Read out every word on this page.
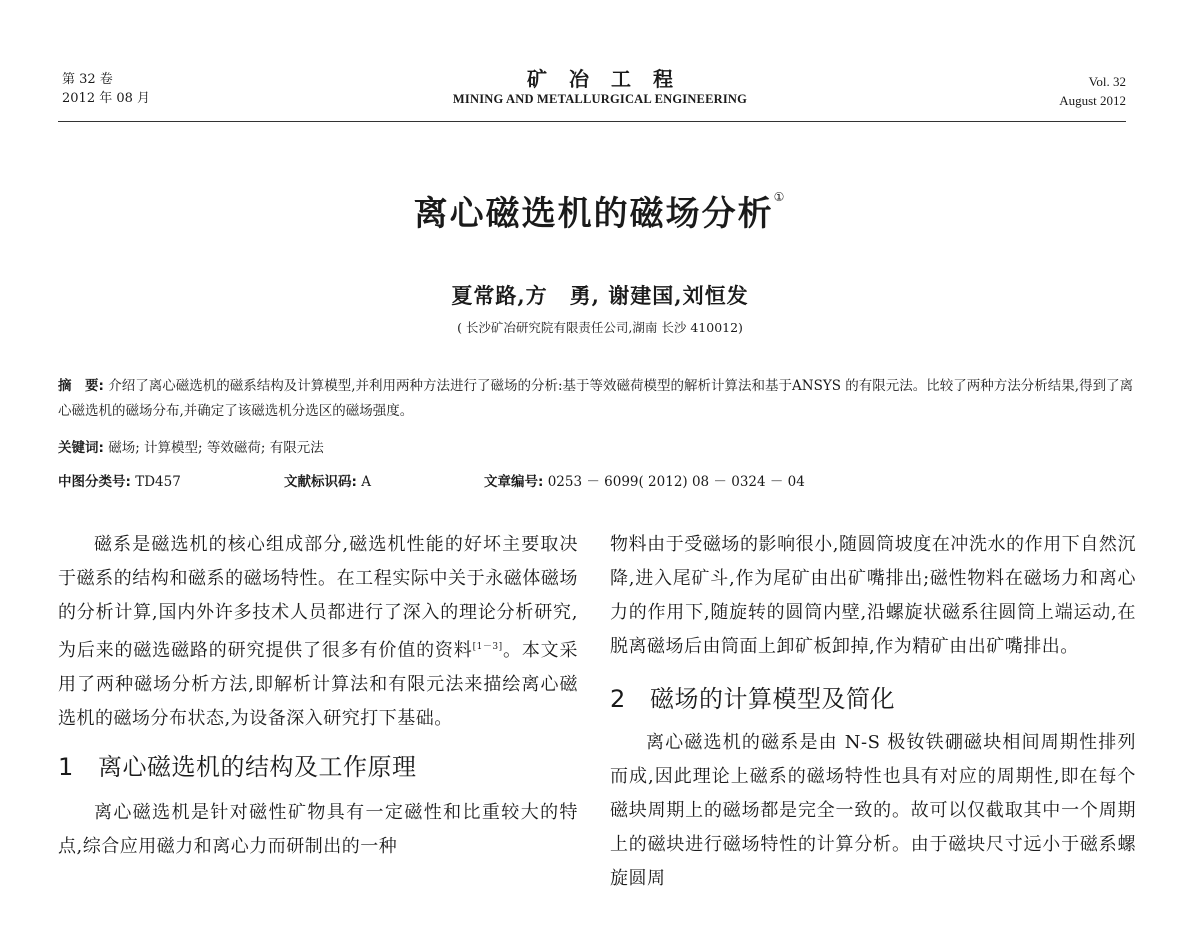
第 32 卷
2012 年 08 月
矿冶工程
MINING AND METALLURGICAL ENGINEERING
Vol. 32
August 2012
离心磁选机的磁场分析①
夏常路,方　勇, 谢建国,刘恒发
( 长沙矿冶研究院有限责任公司,湖南 长沙 410012)
摘　要: 介绍了离心磁选机的磁系结构及计算模型,并利用两种方法进行了磁场的分析:基于等效磁荷模型的解析计算法和基于ANSYS 的有限元法。比较了两种方法分析结果,得到了离心磁选机的磁场分布,并确定了该磁选机分选区的磁场强度。
关键词: 磁场; 计算模型; 等效磁荷; 有限元法
中图分类号: TD457	文献标识码: A	文章编号: 0253 － 6099( 2012) 08 － 0324 － 04

磁系是磁选机的核心组成部分,磁选机性能的好坏主要取决于磁系的结构和磁系的磁场特性。在工程实际中关于永磁体磁场的分析计算,国内外许多技术人员都进行了深入的理论分析研究,为后来的磁选磁路的研究提供了很多有价值的资料[1－3]。本文采用了两种磁场分析方法,即解析计算法和有限元法来描绘离心磁选机的磁场分布状态,为设备深入研究打下基础。

1 离心磁选机的结构及工作原理

离心磁选机是针对磁性矿物具有一定磁性和比重较大的特点,综合应用磁力和离心力而研制出的一种

物料由于受磁场的影响很小,随圆筒坡度在冲洗水的作用下自然沉降,进入尾矿斗,作为尾矿由出矿嘴排出;磁性物料在磁场力和离心力的作用下,随旋转的圆筒内壁,沿螺旋状磁系往圆筒上端运动,在脱离磁场后由筒面上卸矿板卸掉,作为精矿由出矿嘴排出。

2 磁场的计算模型及简化

离心磁选机的磁系是由 N-S 极钕铁硼磁块相间周期性排列而成,因此理论上磁系的磁场特性也具有对应的周期性,即在每个磁块周期上的磁场都是完全一致的。故可以仅截取其中一个周期上的磁块进行磁场特性的计算分析。由于磁块尺寸远小于磁系螺旋圆周
